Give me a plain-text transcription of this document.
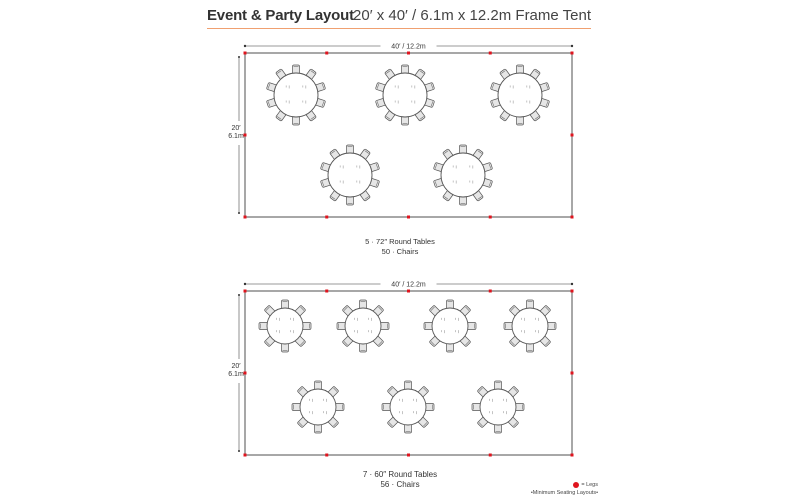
Event & Party Layout 20′ x 40′ / 6.1m x 12.2m Frame Tent
40′ / 12.2m
20′
6.1m
40′ / 12.2m
20′
6.1m
5 · 72″ Round Tables
50 · Chairs
7 · 60″ Round Tables
56 · Chairs	= Legs
•Minimum Seating Layouts•
